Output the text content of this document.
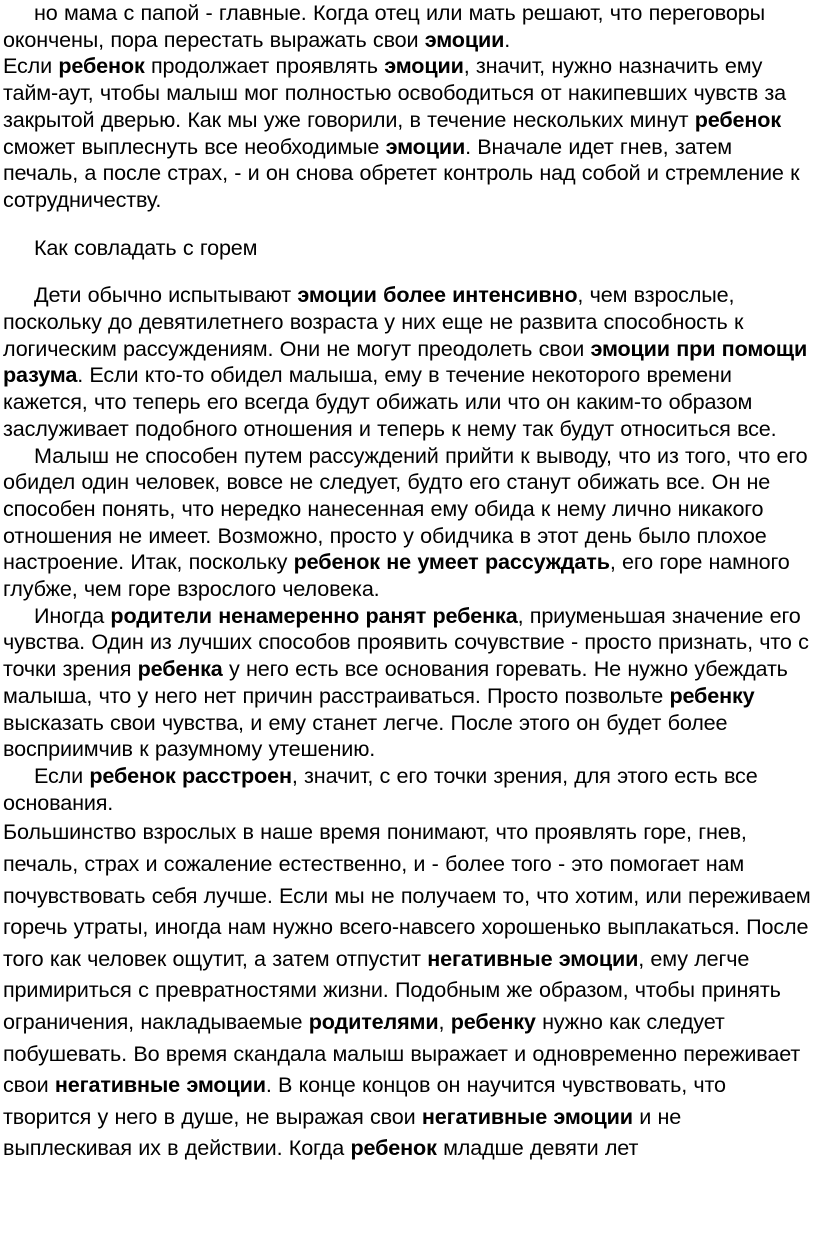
но мама с папой - главные. Когда отец или мать решают, что переговоры окончены, пора перестать выражать свои эмоции.

Если ребенок продолжает проявлять эмоции, значит, нужно назначить ему тайм-аут, чтобы малыш мог полностью освободиться от накипевших чувств за закрытой дверью. Как мы уже говорили, в течение нескольких минут ребенок сможет выплеснуть все необходимые эмоции. Вначале идет гнев, затем печаль, а после страх, - и он снова обретет контроль над собой и стремление к сотрудничеству.

Как совладать с горем

Дети обычно испытывают эмоции более интенсивно, чем взрослые, поскольку до девятилетнего возраста у них еще не развита способность к логическим рассуждениям. Они не могут преодолеть свои эмоции при помощи разума. Если кто-то обидел малыша, ему в течение некоторого времени кажется, что теперь его всегда будут обижать или что он каким-то образом заслуживает подобного отношения и теперь к нему так будут относиться все.

Малыш не способен путем рассуждений прийти к выводу, что из того, что его обидел один человек, вовсе не следует, будто его станут обижать все. Он не способен понять, что нередко нанесенная ему обида к нему лично никакого отношения не имеет. Возможно, просто у обидчика в этот день было плохое настроение. Итак, поскольку ребенок не умеет рассуждать, его горе намного глубже, чем горе взрослого человека.

Иногда родители ненамеренно ранят ребенка, приуменьшая значение его чувства. Один из лучших способов проявить сочувствие - просто признать, что с точки зрения ребенка у него есть все основания горевать. Не нужно убеждать малыша, что у него нет причин расстраиваться. Просто позвольте ребенку высказать свои чувства, и ему станет легче. После этого он будет более восприимчив к разумному утешению.

Если ребенок расстроен, значит, с его точки зрения, для этого есть все основания.

Большинство взрослых в наше время понимают, что проявлять горе, гнев, печаль, страх и сожаление естественно, и - более того - это помогает нам почувствовать себя лучше. Если мы не получаем то, что хотим, или переживаем горечь утраты, иногда нам нужно всего-навсего хорошенько выплакаться. После того как человек ощутит, а затем отпустит негативные эмоции, ему легче примириться с превратностями жизни. Подобным же образом, чтобы принять ограничения, накладываемые родителями, ребенку нужно как следует побушевать. Во время скандала малыш выражает и одновременно переживает свои негативные эмоции. В конце концов он научится чувствовать, что творится у него в душе, не выражая свои негативные эмоции и не выплескивая их в действии. Когда ребенок младше девяти лет
